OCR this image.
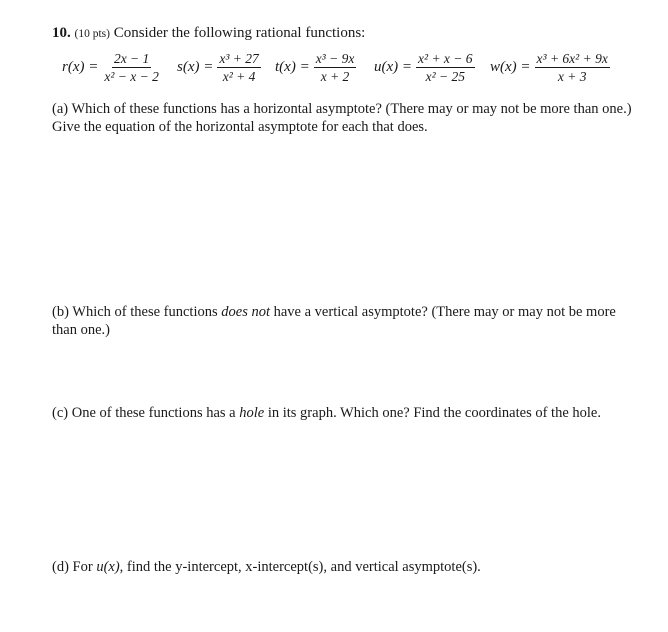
10. (10 pts) Consider the following rational functions:
$r(x) = \frac{2x - 1}{\text{x² − x − 2}} s(x) = \frac{\text{x³ + 27}}{\text{x² + 4}} t(x) = \frac{\text{x³ − 9x}}{x + 2} u(x) = \frac{\text{x² + x − 6}}{\text{x² − 25}} w(x) = \frac{\text{x³ + 6x² + 9x}}{x + 3}$
(a) Which of these functions has a horizontal asymptote? (There may or may not be more than one.) Give the equation of the horizontal asymptote for each that does.
(b) Which of these functions does not have a vertical asymptote? (There may or may not be more than one.)
(c) One of these functions has a hole in its graph. Which one? Find the coordinates of the hole.
(d) For u(x), find the y-intercept, x-intercept(s), and vertical asymptote(s).
